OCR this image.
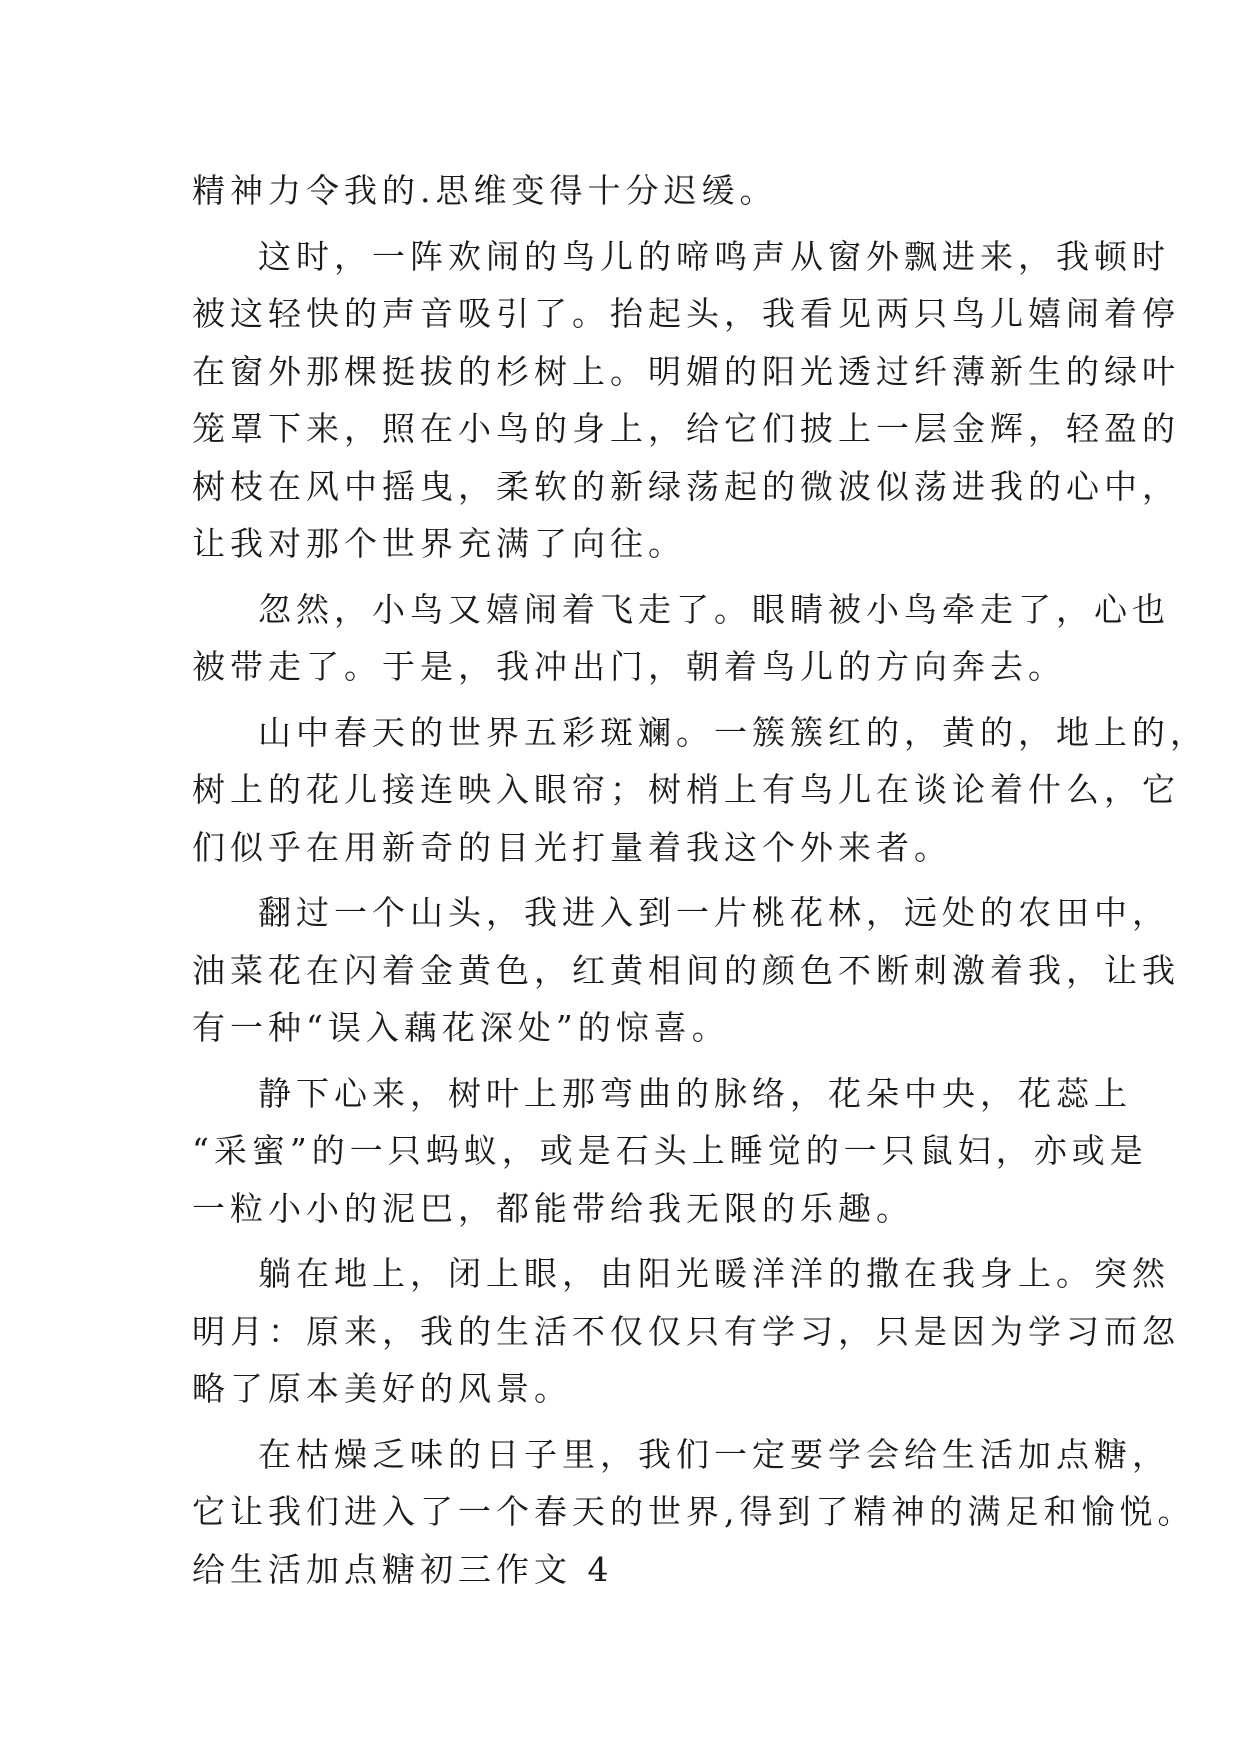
精神力令我的.思维变得十分迟缓。
这时，一阵欢闹的鸟儿的啼鸣声从窗外飘进来，我顿时
被这轻快的声音吸引了。抬起头，我看见两只鸟儿嬉闹着停
在窗外那棵挺拔的杉树上。明媚的阳光透过纤薄新生的绿叶
笼罩下来，照在小鸟的身上，给它们披上一层金辉，轻盈的
树枝在风中摇曳，柔软的新绿荡起的微波似荡进我的心中，
让我对那个世界充满了向往。
忽然，小鸟又嬉闹着飞走了。眼睛被小鸟牵走了，心也
被带走了。于是，我冲出门，朝着鸟儿的方向奔去。
山中春天的世界五彩斑斓。一簇簇红的，黄的，地上的，
树上的花儿接连映入眼帘；树梢上有鸟儿在谈论着什么，它
们似乎在用新奇的目光打量着我这个外来者。
翻过一个山头，我进入到一片桃花林，远处的农田中，
油菜花在闪着金黄色，红黄相间的颜色不断刺激着我，让我
有一种“误入藕花深处”的惊喜。
静下心来，树叶上那弯曲的脉络，花朵中央，花蕊上
“采蜜”的一只蚂蚁，或是石头上睡觉的一只鼠妇，亦或是
一粒小小的泥巴，都能带给我无限的乐趣。
躺在地上，闭上眼，由阳光暖洋洋的撒在我身上。突然
明月：原来，我的生活不仅仅只有学习，只是因为学习而忽
略了原本美好的风景。
在枯燥乏味的日子里，我们一定要学会给生活加点糖，
它让我们进入了一个春天的世界,得到了精神的满足和愉悦。
给生活加点糖初三作文 4
